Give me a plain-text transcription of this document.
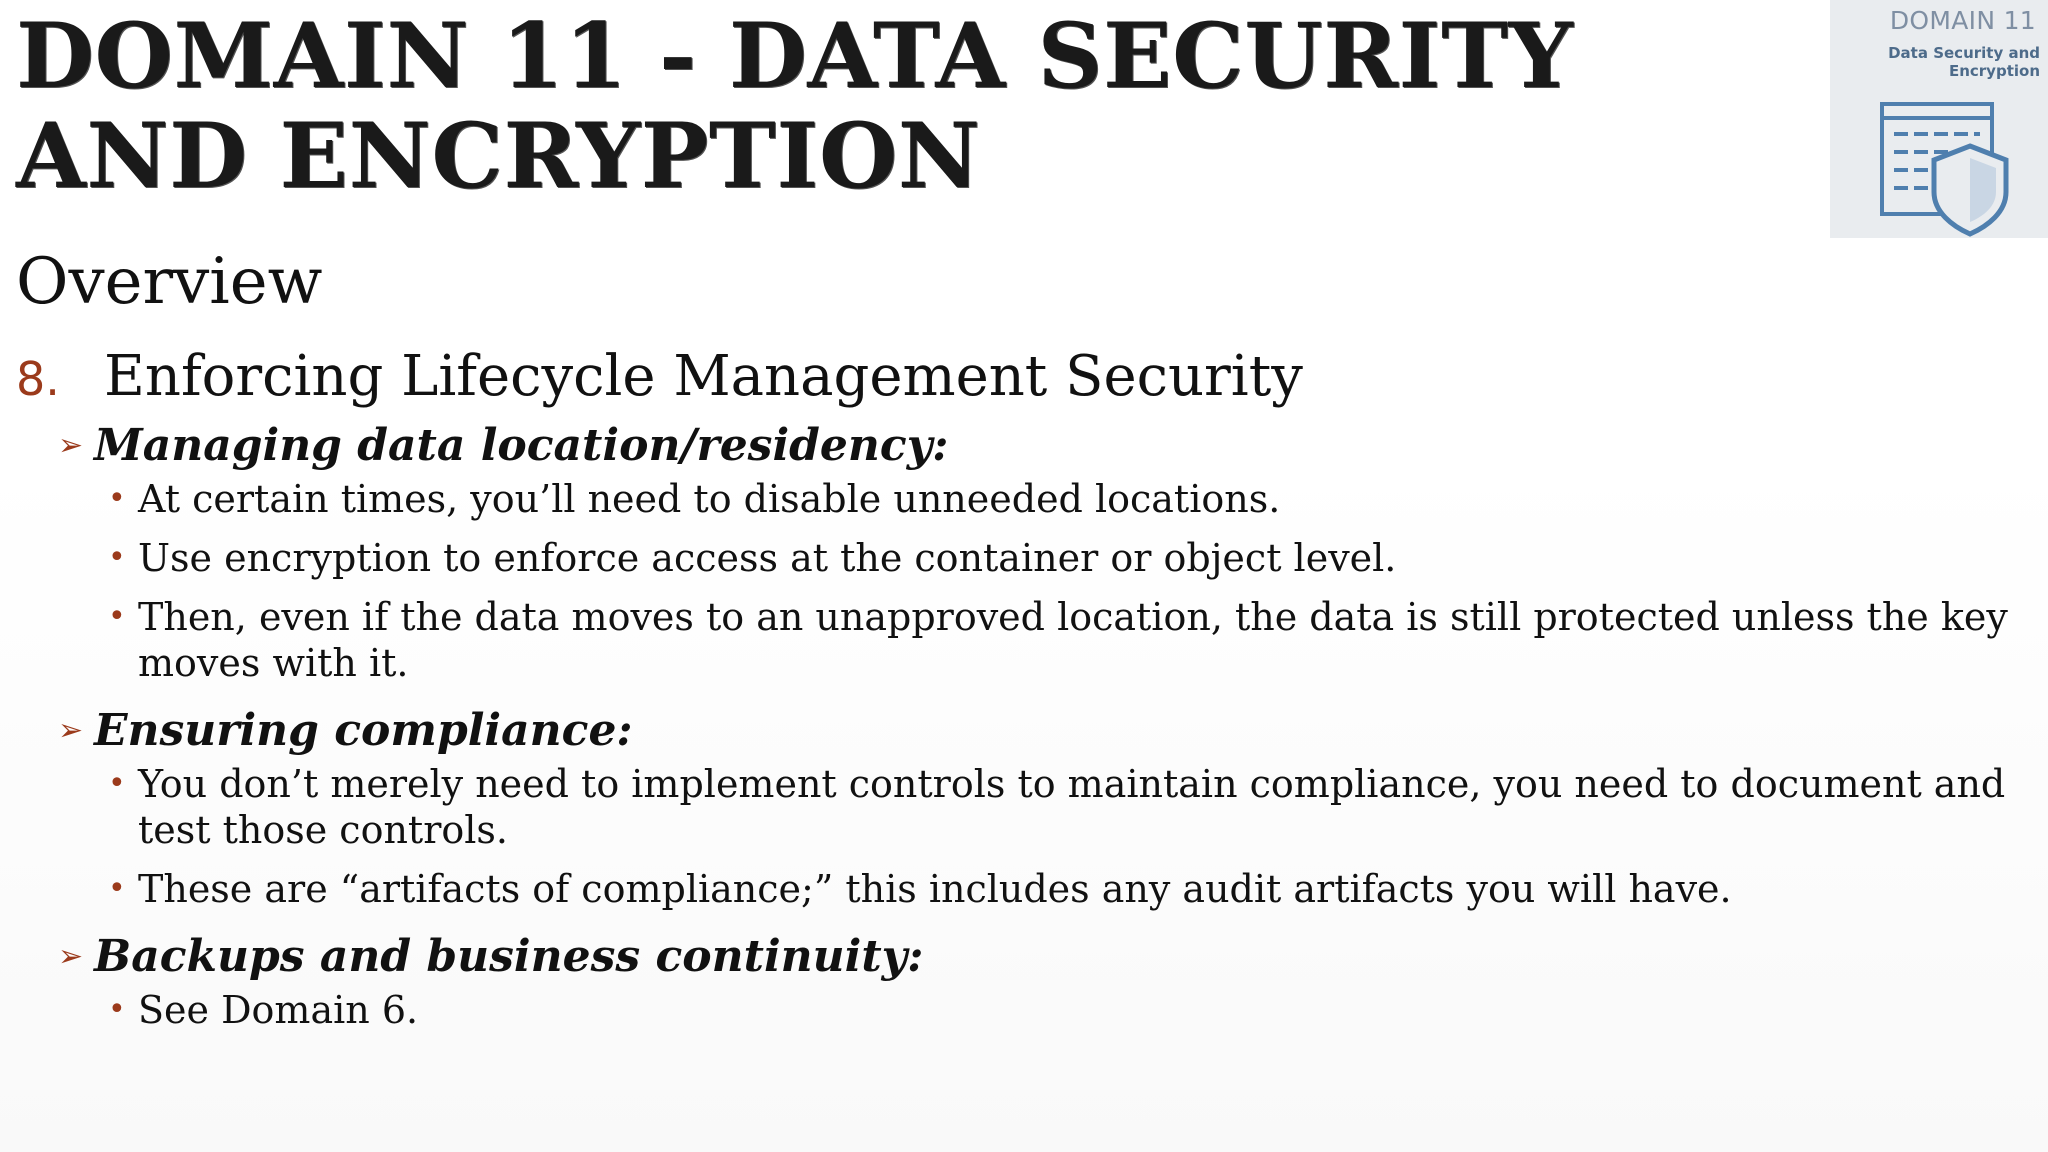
DOMAIN 11 - DATA SECURITY AND ENCRYPTION
DOMAIN 11
Data Security and Encryption
Overview
8. Enforcing Lifecycle Management Security
➢ Managing data location/residency:
• At certain times, you’ll need to disable unneeded locations.
• Use encryption to enforce access at the container or object level.
• Then, even if the data moves to an unapproved location, the data is still protected unless the key moves with it.
➢ Ensuring compliance:
• You don’t merely need to implement controls to maintain compliance, you need to document and test those controls.
• These are “artifacts of compliance;” this includes any audit artifacts you will have.
➢ Backups and business continuity:
• See Domain 6.
